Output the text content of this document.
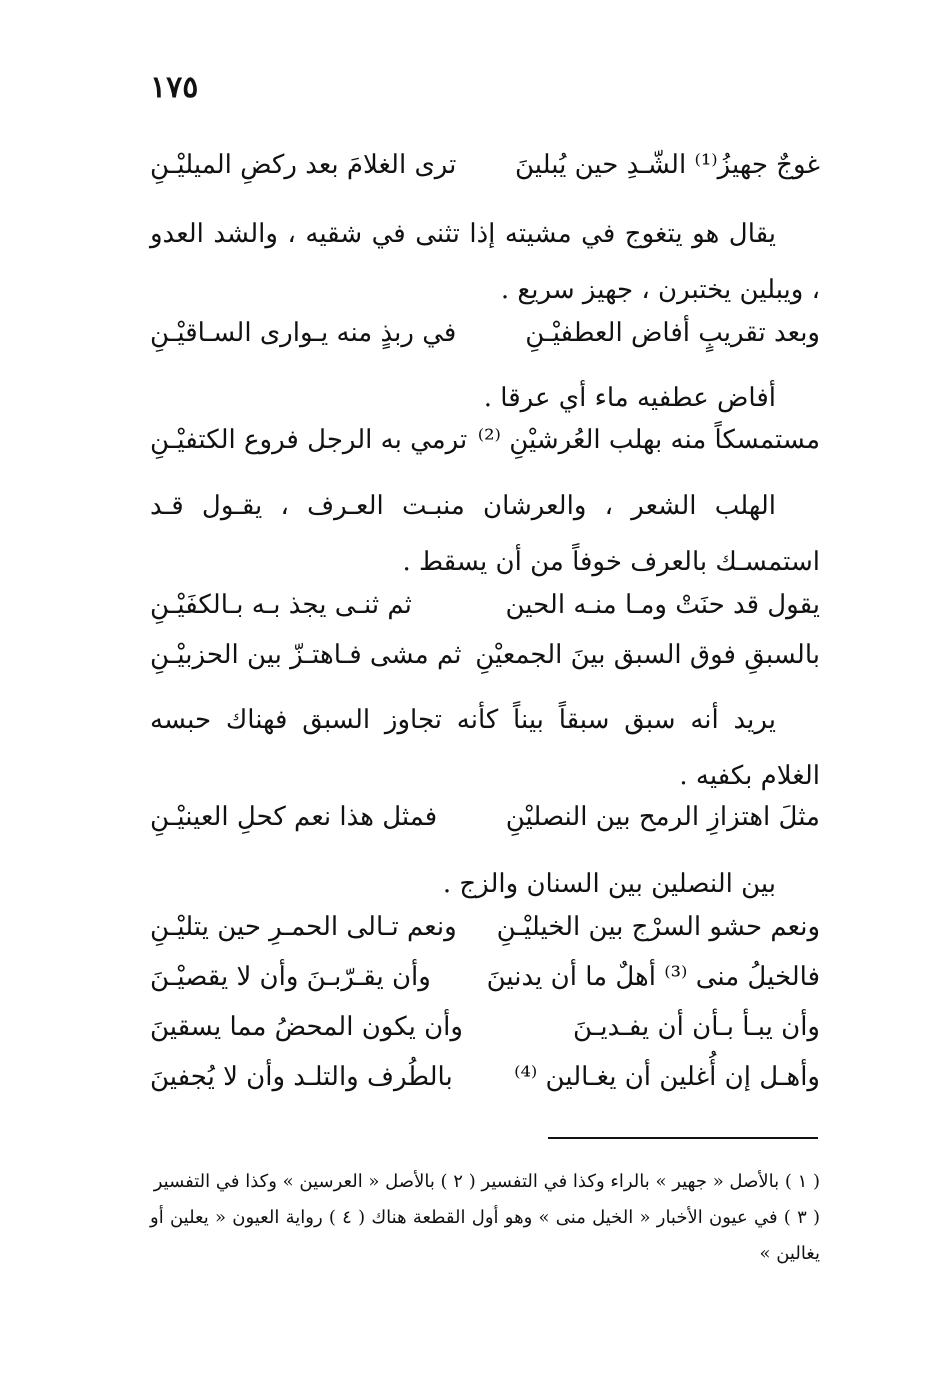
١٧٥
غوجٌ جهيزُ⁽¹⁾ الشّـدِ حين يُبلينَ
ترى الغلامَ بعد ركضِ الميليْـنِ
يقال هو يتغوج في مشيته إذا تثنى في شقيه ، والشد العدو ، ويبلين يختبرن ، جهيز سريع .
وبعد تقريبٍ أفاض العطفيْـنِ
في ربذٍ منه يـوارى السـاقيْـنِ
أفاض عطفيه ماء أي عرقا .
مستمسكاً منه بهلب العُرشيْنِ ⁽²⁾
ترمي به الرجل فروع الكتفيْـنِ
الهلب الشعر ، والعرشان منبـت العـرف ، يقـول قـد استمسـك بالعرف خوفاً من أن يسقط .
يقول قد حنَتْ ومـا منـه الحين
ثم ثنـى يجذ بـه بـالكفَيْـنِ
بالسبقِ فوق السبق بينَ الجمعيْنِ
ثم مشى فـاهتـزّ بين الحزبيْـنِ
يريد أنه سبق سبقاً بيناً كأنه تجاوز السبق فهناك حبسه الغلام بكفيه .
مثلَ اهتزازِ الرمح بين النصليْنِ
فمثل هذا نعم كحلِ العينيْـنِ
بين النصلين بين السنان والزج .
ونعم حشو السرْج بين الخيليْـنِ
ونعم تـالى الحمـرِ حين يتليْـنِ
فالخيلُ منى ⁽³⁾ أهلٌ ما أن يدنينَ
وأن يقـرّبـنَ وأن لا يقصيْـنَ
وأن يبـأ بـأن أن يفـديـنَ
وأن يكون المحضُ مما يسقينَ
وأهـل إن أُغلين أن يغـالين ⁽⁴⁾
بالطُرف والتلـد وأن لا يُجفينَ
( ١ ) بالأصل « جهير » بالراء وكذا في التفسير ( ٢ ) بالأصل « العرسين » وكذا في التفسير
( ٣ ) في عيون الأخبار « الخيل منى » وهو أول القطعة هناك ( ٤ ) رواية العيون « يعلين أو يغالين »
